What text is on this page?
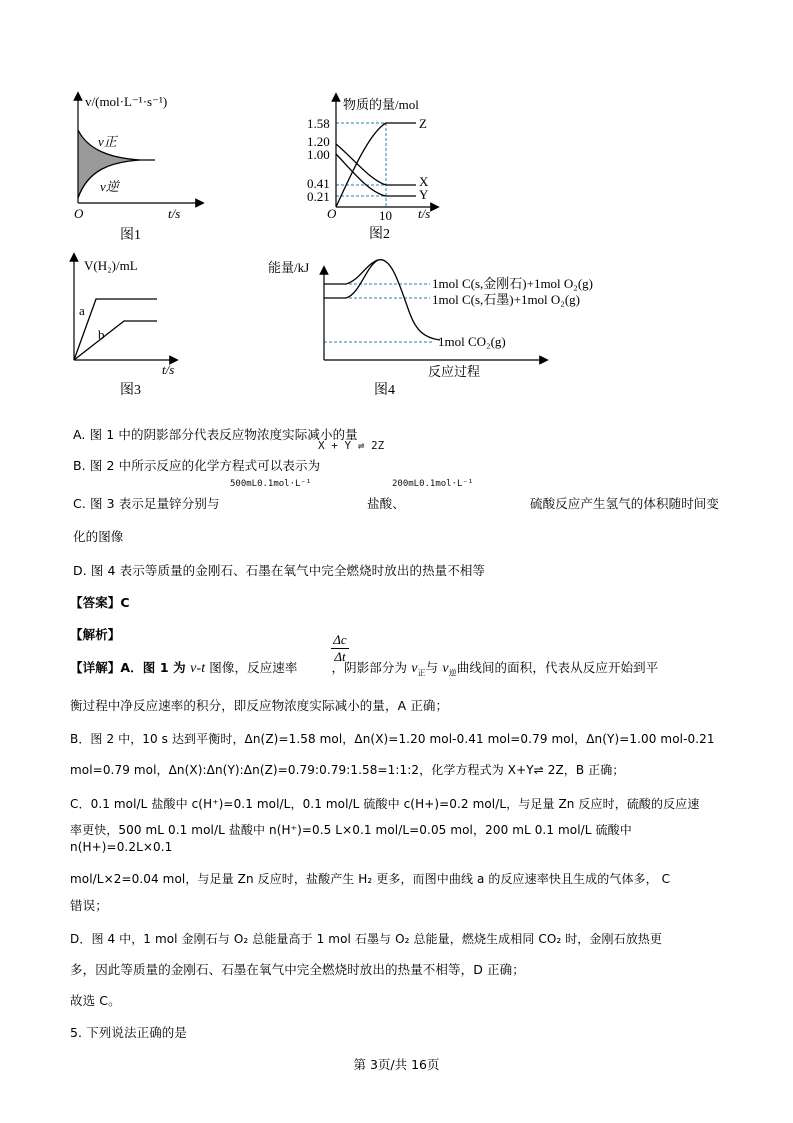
v/(mol·L⁻¹·s⁻¹)
v正
v逆
O	t/s
图1
物质的量/mol
1.58
1.20
1.00
0.41
0.21
Z
X
Y
O	10 t/s
图2
V(H₂)/mL
a
b
t/s
图3
能量/kJ
1mol C(s,金刚石)+1mol O₂(g)
1mol C(s,石墨)+1mol O₂(g)
1mol CO₂(g)
反应过程
图4
A. 图 1 中的阴影部分代表反应物浓度实际减小的量
X + Y ⇌ 2Z
B. 图 2 中所示反应的化学方程式可以表示为
500mL0.1mol·L⁻¹	200mL0.1mol·L⁻¹
C. 图 3 表示足量锌分别与	盐酸、	硫酸反应产生氢气的体积随时间变
化的图像
D. 图 4 表示等质量的金刚石、石墨在氧气中完全燃烧时放出的热量不相等
【答案】C
【解析】	Δc
Δt
【详解】A．图 1 为 v-t 图像，反应速率	，阴影部分为 $v_正$与 $v_逆$曲线间的面积，代表从反应开始到平
衡过程中净反应速率的积分，即反应物浓度实际减小的量，A 正确；
B．图 2 中，10 s 达到平衡时，Δn(Z)=1.58 mol，Δn(X)=1.20 mol-0.41 mol=0.79 mol，Δn(Y)=1.00 mol-0.21
mol=0.79 mol，Δn(X):Δn(Y):Δn(Z)=0.79:0.79:1.58=1:1:2，化学方程式为 X+Y⇌ 2Z，B 正确；
C．0.1 mol/L 盐酸中 c(H⁺)=0.1 mol/L，0.1 mol/L 硫酸中 c(H+)=0.2 mol/L，与足量 Zn 反应时，硫酸的反应速
率更快，500 mL 0.1 mol/L 盐酸中 n(H⁺)=0.5 L×0.1 mol/L=0.05 mol，200 mL 0.1 mol/L 硫酸中
n(H+)=0.2L×0.1
mol/L×2=0.04 mol，与足量 Zn 反应时，盐酸产生 H₂ 更多，而图中曲线 a 的反应速率快且生成的气体多， C
错误；
D．图 4 中，1 mol 金刚石与 O₂ 总能量高于 1 mol 石墨与 O₂ 总能量，燃烧生成相同 CO₂ 时，金刚石放热更
多，因此等质量的金刚石、石墨在氧气中完全燃烧时放出的热量不相等，D 正确；
故选 C。
5. 下列说法正确的是
第 3页/共 16页
